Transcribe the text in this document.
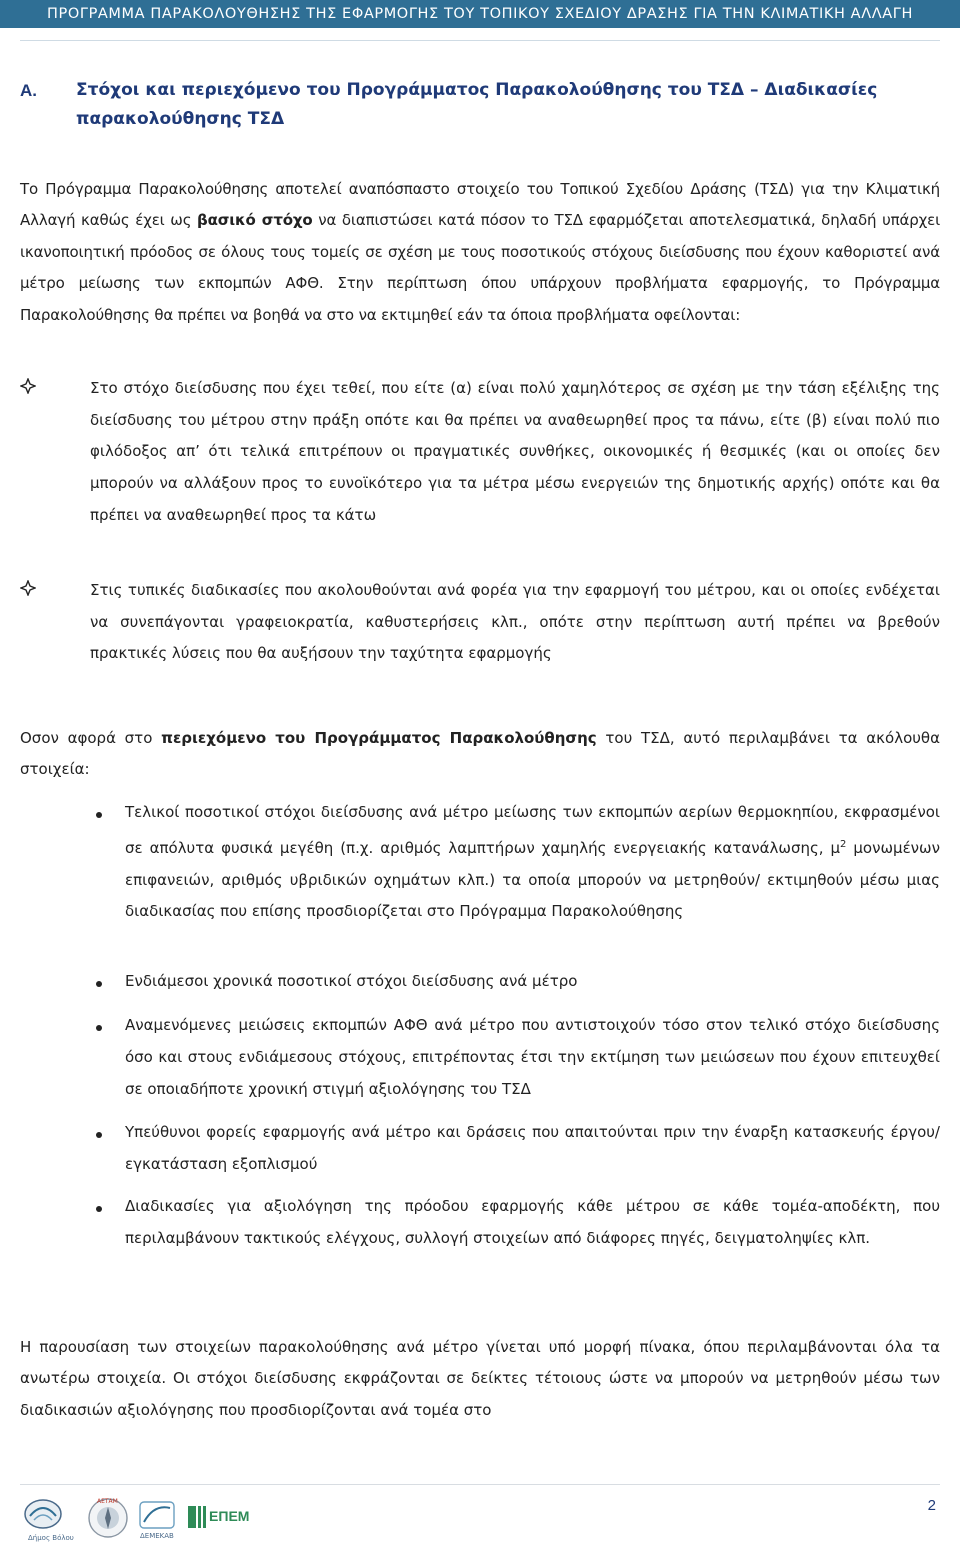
ΠΡΟΓΡΑΜΜΑ ΠΑΡΑΚΟΛΟΥΘΗΣΗΣ ΤΗΣ ΕΦΑΡΜΟΓΗΣ ΤΟΥ ΤΟΠΙΚΟΥ ΣΧΕΔΙΟΥ ΔΡΑΣΗΣ ΓΙΑ ΤΗΝ ΚΛΙΜΑΤΙΚΗ ΑΛΛΑΓΗ
Α. Στόχοι και περιεχόμενο του Προγράμματος Παρακολούθησης του ΤΣΔ – Διαδικασίες παρακολούθησης ΤΣΔ

Το Πρόγραμμα Παρακολούθησης αποτελεί αναπόσπαστο στοιχείο του Τοπικού Σχεδίου Δράσης (ΤΣΔ) για την Κλιματική Αλλαγή καθώς έχει ως βασικό στόχο να διαπιστώσει κατά πόσον το ΤΣΔ εφαρμόζεται αποτελεσματικά, δηλαδή υπάρχει ικανοποιητική πρόοδος σε όλους τους τομείς σε σχέση με τους ποσοτικούς στόχους διείσδυσης που έχουν καθοριστεί ανά μέτρο μείωσης των εκπομπών ΑΦΘ. Στην περίπτωση όπου υπάρχουν προβλήματα εφαρμογής, το Πρόγραμμα Παρακολούθησης θα πρέπει να βοηθά να στο να εκτιμηθεί εάν τα όποια προβλήματα οφείλονται:

Στο στόχο διείσδυσης που έχει τεθεί, που είτε (α) είναι πολύ χαμηλότερος σε σχέση με την τάση εξέλιξης της διείσδυσης του μέτρου στην πράξη οπότε και θα πρέπει να αναθεωρηθεί προς τα πάνω, είτε (β) είναι πολύ πιο φιλόδοξος απ’ ότι τελικά επιτρέπουν οι πραγματικές συνθήκες, οικονομικές ή θεσμικές (και οι οποίες δεν μπορούν να αλλάξουν προς το ευνοϊκότερο για τα μέτρα μέσω ενεργειών της δημοτικής αρχής) οπότε και θα πρέπει να αναθεωρηθεί προς τα κάτω
Στις τυπικές διαδικασίες που ακολουθούνται ανά φορέα για την εφαρμογή του μέτρου, και οι οποίες ενδέχεται να συνεπάγονται γραφειοκρατία, καθυστερήσεις κλπ., οπότε στην περίπτωση αυτή πρέπει να βρεθούν πρακτικές λύσεις που θα αυξήσουν την ταχύτητα εφαρμογής

Οσον αφορά στο περιεχόμενο του Προγράμματος Παρακολούθησης του ΤΣΔ, αυτό περιλαμβάνει τα ακόλουθα στοιχεία:

Τελικοί ποσοτικοί στόχοι διείσδυσης ανά μέτρο μείωσης των εκπομπών αερίων θερμοκηπίου, εκφρασμένοι σε απόλυτα φυσικά μεγέθη (π.χ. αριθμός λαμπτήρων χαμηλής ενεργειακής κατανάλωσης, $\mu^2$ μονωμένων επιφανειών, αριθμός υβριδικών οχημάτων κλπ.) τα οποία μπορούν να μετρηθούν/ εκτιμηθούν μέσω μιας διαδικασίας που επίσης προσδιορίζεται στο Πρόγραμμα Παρακολούθησης
Ενδιάμεσοι χρονικά ποσοτικοί στόχοι διείσδυσης ανά μέτρο
Αναμενόμενες μειώσεις εκπομπών ΑΦΘ ανά μέτρο που αντιστοιχούν τόσο στον τελικό στόχο διείσδυσης όσο και στους ενδιάμεσους στόχους, επιτρέποντας έτσι την εκτίμηση των μειώσεων που έχουν επιτευχθεί σε οποιαδήποτε χρονική στιγμή αξιολόγησης του ΤΣΔ
Υπεύθυνοι φορείς εφαρμογής ανά μέτρο και δράσεις που απαιτούνται πριν την έναρξη κατασκευής έργου/ εγκατάσταση εξοπλισμού
Διαδικασίες για αξιολόγηση της πρόοδου εφαρμογής κάθε μέτρου σε κάθε τομέα-αποδέκτη, που περιλαμβάνουν τακτικούς ελέγχους, συλλογή στοιχείων από διάφορες πηγές, δειγματοληψίες κλπ.

Η παρουσίαση των στοιχείων παρακολούθησης ανά μέτρο γίνεται υπό μορφή πίνακα, όπου περιλαμβάνονται όλα τα ανωτέρω στοιχεία. Οι στόχοι διείσδυσης εκφράζονται σε δείκτες τέτοιους ώστε να μπορούν να μετρηθούν μέσω των διαδικασιών αξιολόγησης που προσδιορίζονται ανά τομέα στο

Δήμος Βόλου
ΑΕΤΑΜ
ΔΕΜΕΚΑΒ
ΕΠΕΜ
2
